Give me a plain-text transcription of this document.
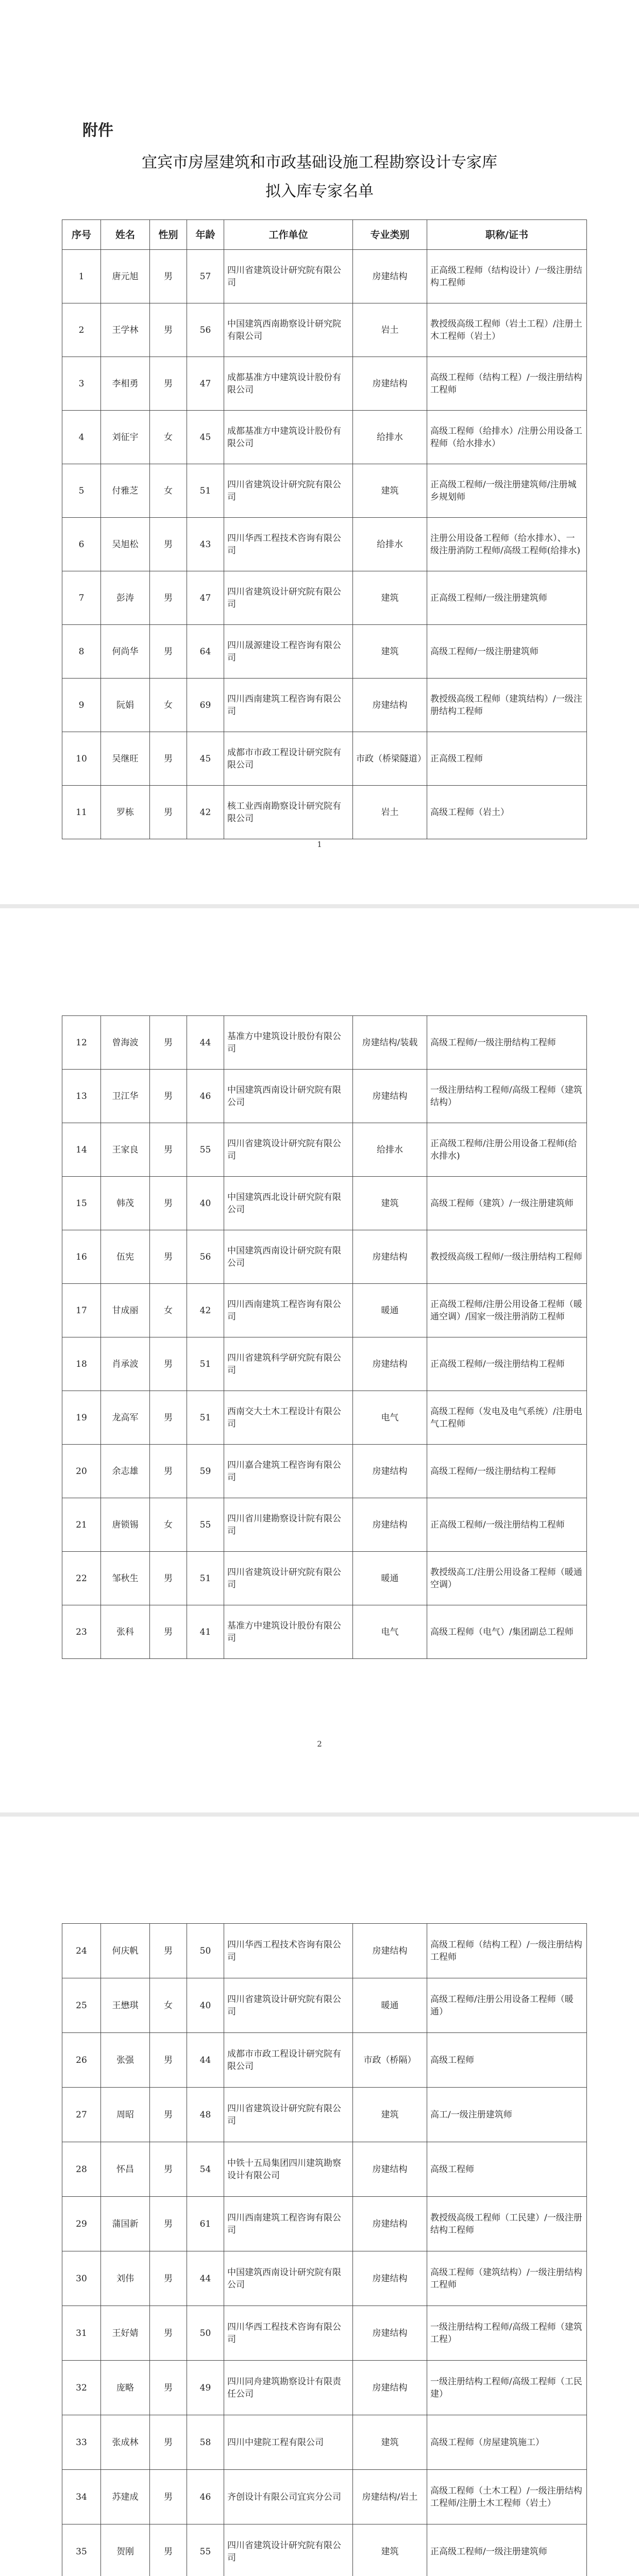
附件
宜宾市房屋建筑和市政基础设施工程勘察设计专家库
拟入库专家名单
序号	姓名	性别	年龄	工作单位	专业类别	职称/证书
1	唐元旭	男	57	四川省建筑设计研究院有限公司	房建结构	正高级工程师（结构设计）/一级注册结构工程师
2	王学林	男	56	中国建筑西南勘察设计研究院有限公司	岩土	教授级高级工程师（岩土工程）/注册土木工程师（岩土）
3	李相勇	男	47	成都基准方中建筑设计股份有限公司	房建结构	高级工程师（结构工程）/一级注册结构工程师
4	刘征宇	女	45	成都基准方中建筑设计股份有限公司	给排水	高级工程师（给排水）/注册公用设备工程师（给水排水）
5	付雅芝	女	51	四川省建筑设计研究院有限公司	建筑	正高级工程师/一级注册建筑师/注册城乡规划师
6	吴旭松	男	43	四川华西工程技术咨询有限公司	给排水	注册公用设备工程师（给水排水）、一级注册消防工程师/高级工程师(给排水)
7	彭涛	男	47	四川省建筑设计研究院有限公司	建筑	正高级工程师/一级注册建筑师
8	何尚华	男	64	四川晟源建设工程咨询有限公司	建筑	高级工程师/一级注册建筑师
9	阮娟	女	69	四川西南建筑工程咨询有限公司	房建结构	教授级高级工程师（建筑结构）/一级注册结构工程师
10	吴继旺	男	45	成都市市政工程设计研究院有限公司	市政（桥梁隧道）	正高级工程师
11	罗栋	男	42	核工业西南勘察设计研究院有限公司	岩土	高级工程师（岩土）
1
12	曾海波	男	44	基准方中建筑设计股份有限公司	房建结构/装载	高级工程师/一级注册结构工程师
13	卫江华	男	46	中国建筑西南设计研究院有限公司	房建结构	一级注册结构工程师/高级工程师（建筑结构）
14	王家良	男	55	四川省建筑设计研究院有限公司	给排水	正高级工程师/注册公用设备工程师(给水排水)
15	韩茂	男	40	中国建筑西北设计研究院有限公司	建筑	高级工程师（建筑）/一级注册建筑师
16	伍宪	男	56	中国建筑西南设计研究院有限公司	房建结构	教授级高级工程师/一级注册结构工程师
17	甘成丽	女	42	四川西南建筑工程咨询有限公司	暖通	正高级工程师/注册公用设备工程师（暖通空调）/国家一级注册消防工程师
18	肖承波	男	51	四川省建筑科学研究院有限公司	房建结构	正高级工程师/一级注册结构工程师
19	龙高军	男	51	西南交大土木工程设计有限公司	电气	高级工程师（发电及电气系统）/注册电气工程师
20	余志雄	男	59	四川嘉合建筑工程咨询有限公司	房建结构	高级工程师/一级注册结构工程师
21	唐锁锡	女	55	四川省川建勘察设计院有限公司	房建结构	正高级工程师/一级注册结构工程师
22	邹秋生	男	51	四川省建筑设计研究院有限公司	暖通	教授级高工/注册公用设备工程师（暖通空调）
23	张科	男	41	基准方中建筑设计股份有限公司	电气	高级工程师（电气）/集团副总工程师
2
24	何庆帆	男	50	四川华西工程技术咨询有限公司	房建结构	高级工程师（结构工程）/一级注册结构工程师
25	王懋琪	女	40	四川省建筑设计研究院有限公司	暖通	高级工程师/注册公用设备工程师（暖通）
26	张强	男	44	成都市市政工程设计研究院有限公司	市政（桥隔）	高级工程师
27	周昭	男	48	四川省建筑设计研究院有限公司	建筑	高工/一级注册建筑师
28	怀昌	男	54	中铁十五局集团四川建筑勘察设计有限公司	房建结构	高级工程师
29	蒲国新	男	61	四川西南建筑工程咨询有限公司	房建结构	教授级高级工程师（工民建）/一级注册结构工程师
30	刘伟	男	44	中国建筑西南设计研究院有限公司	房建结构	高级工程师（建筑结构）/一级注册结构工程师
31	王好婧	男	50	四川华西工程技术咨询有限公司	房建结构	一级注册结构工程师/高级工程师（建筑工程）
32	庞略	男	49	四川同舟建筑勘察设计有限责任公司	房建结构	一级注册结构工程师/高级工程师（工民建）
33	张成林	男	58	四川中建院工程有限公司	建筑	高级工程师（房屋建筑施工）
34	苏建成	男	46	齐创设计有限公司宜宾分公司	房建结构/岩土	高级工程师（土木工程）/一级注册结构工程师/注册土木工程师（岩土）
35	贺刚	男	55	四川省建筑设计研究院有限公司	建筑	正高级工程师/一级注册建筑师
